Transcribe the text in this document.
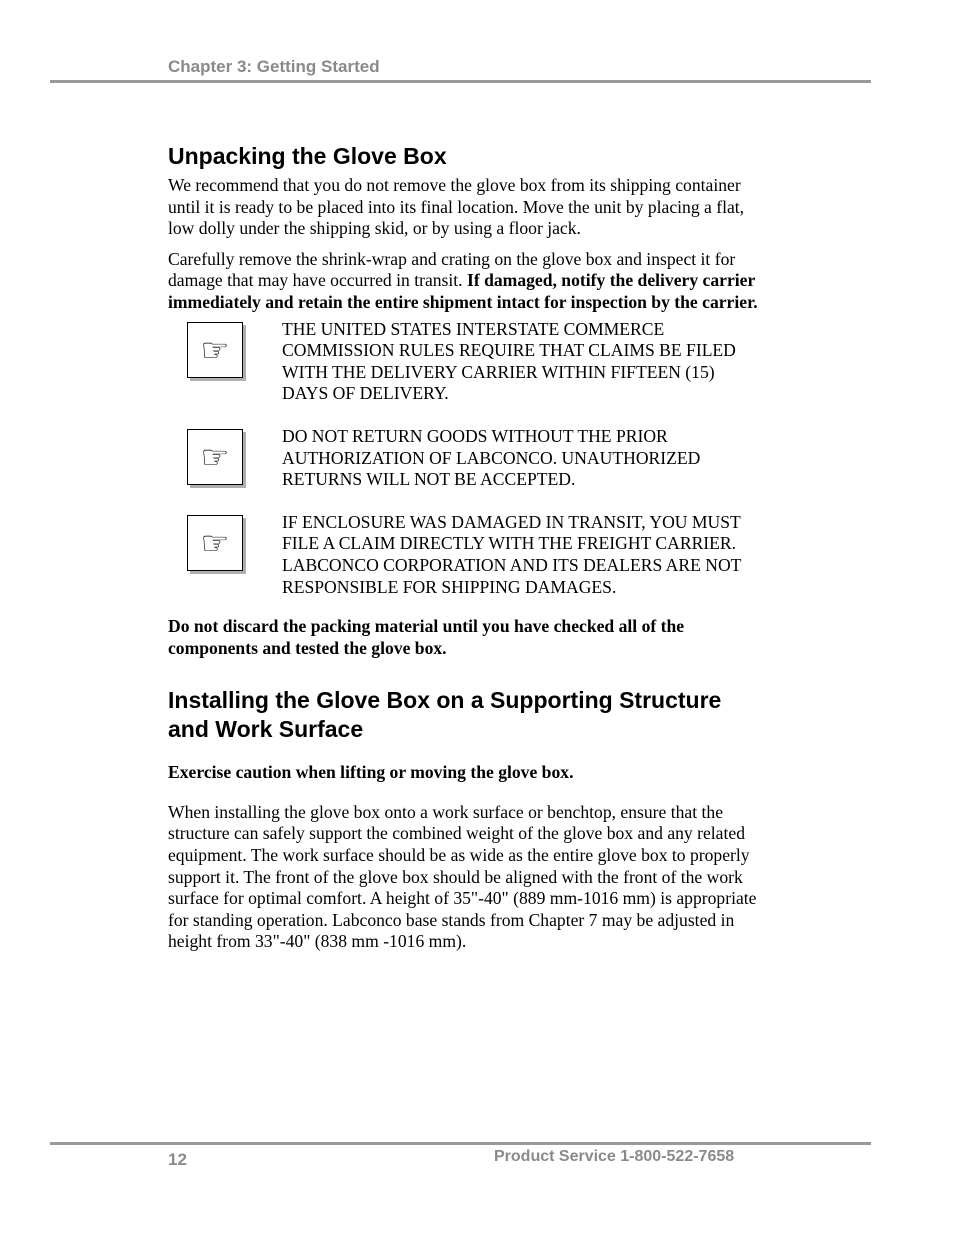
Chapter 3: Getting Started
Unpacking the Glove Box

We recommend that you do not remove the glove box from its shipping container until it is ready to be placed into its final location. Move the unit by placing a flat, low dolly under the shipping skid, or by using a floor jack.

Carefully remove the shrink-wrap and crating on the glove box and inspect it for damage that may have occurred in transit. If damaged, notify the delivery carrier immediately and retain the entire shipment intact for inspection by the carrier.

☞

THE UNITED STATES INTERSTATE COMMERCE COMMISSION RULES REQUIRE THAT CLAIMS BE FILED WITH THE DELIVERY CARRIER WITHIN FIFTEEN (15) DAYS OF DELIVERY.

☞

DO NOT RETURN GOODS WITHOUT THE PRIOR AUTHORIZATION OF LABCONCO. UNAUTHORIZED RETURNS WILL NOT BE ACCEPTED.

☞

IF ENCLOSURE WAS DAMAGED IN TRANSIT, YOU MUST FILE A CLAIM DIRECTLY WITH THE FREIGHT CARRIER. LABCONCO CORPORATION AND ITS DEALERS ARE NOT RESPONSIBLE FOR SHIPPING DAMAGES.

Do not discard the packing material until you have checked all of the components and tested the glove box.

Installing the Glove Box on a Supporting Structure and Work Surface

Exercise caution when lifting or moving the glove box.

When installing the glove box onto a work surface or benchtop, ensure that the structure can safely support the combined weight of the glove box and any related equipment. The work surface should be as wide as the entire glove box to properly support it. The front of the glove box should be aligned with the front of the work surface for optimal comfort. A height of 35"-40" (889 mm-1016 mm) is appropriate for standing operation. Labconco base stands from Chapter 7 may be adjusted in height from 33"-40" (838 mm -1016 mm).

12	Product Service 1-800-522-7658
